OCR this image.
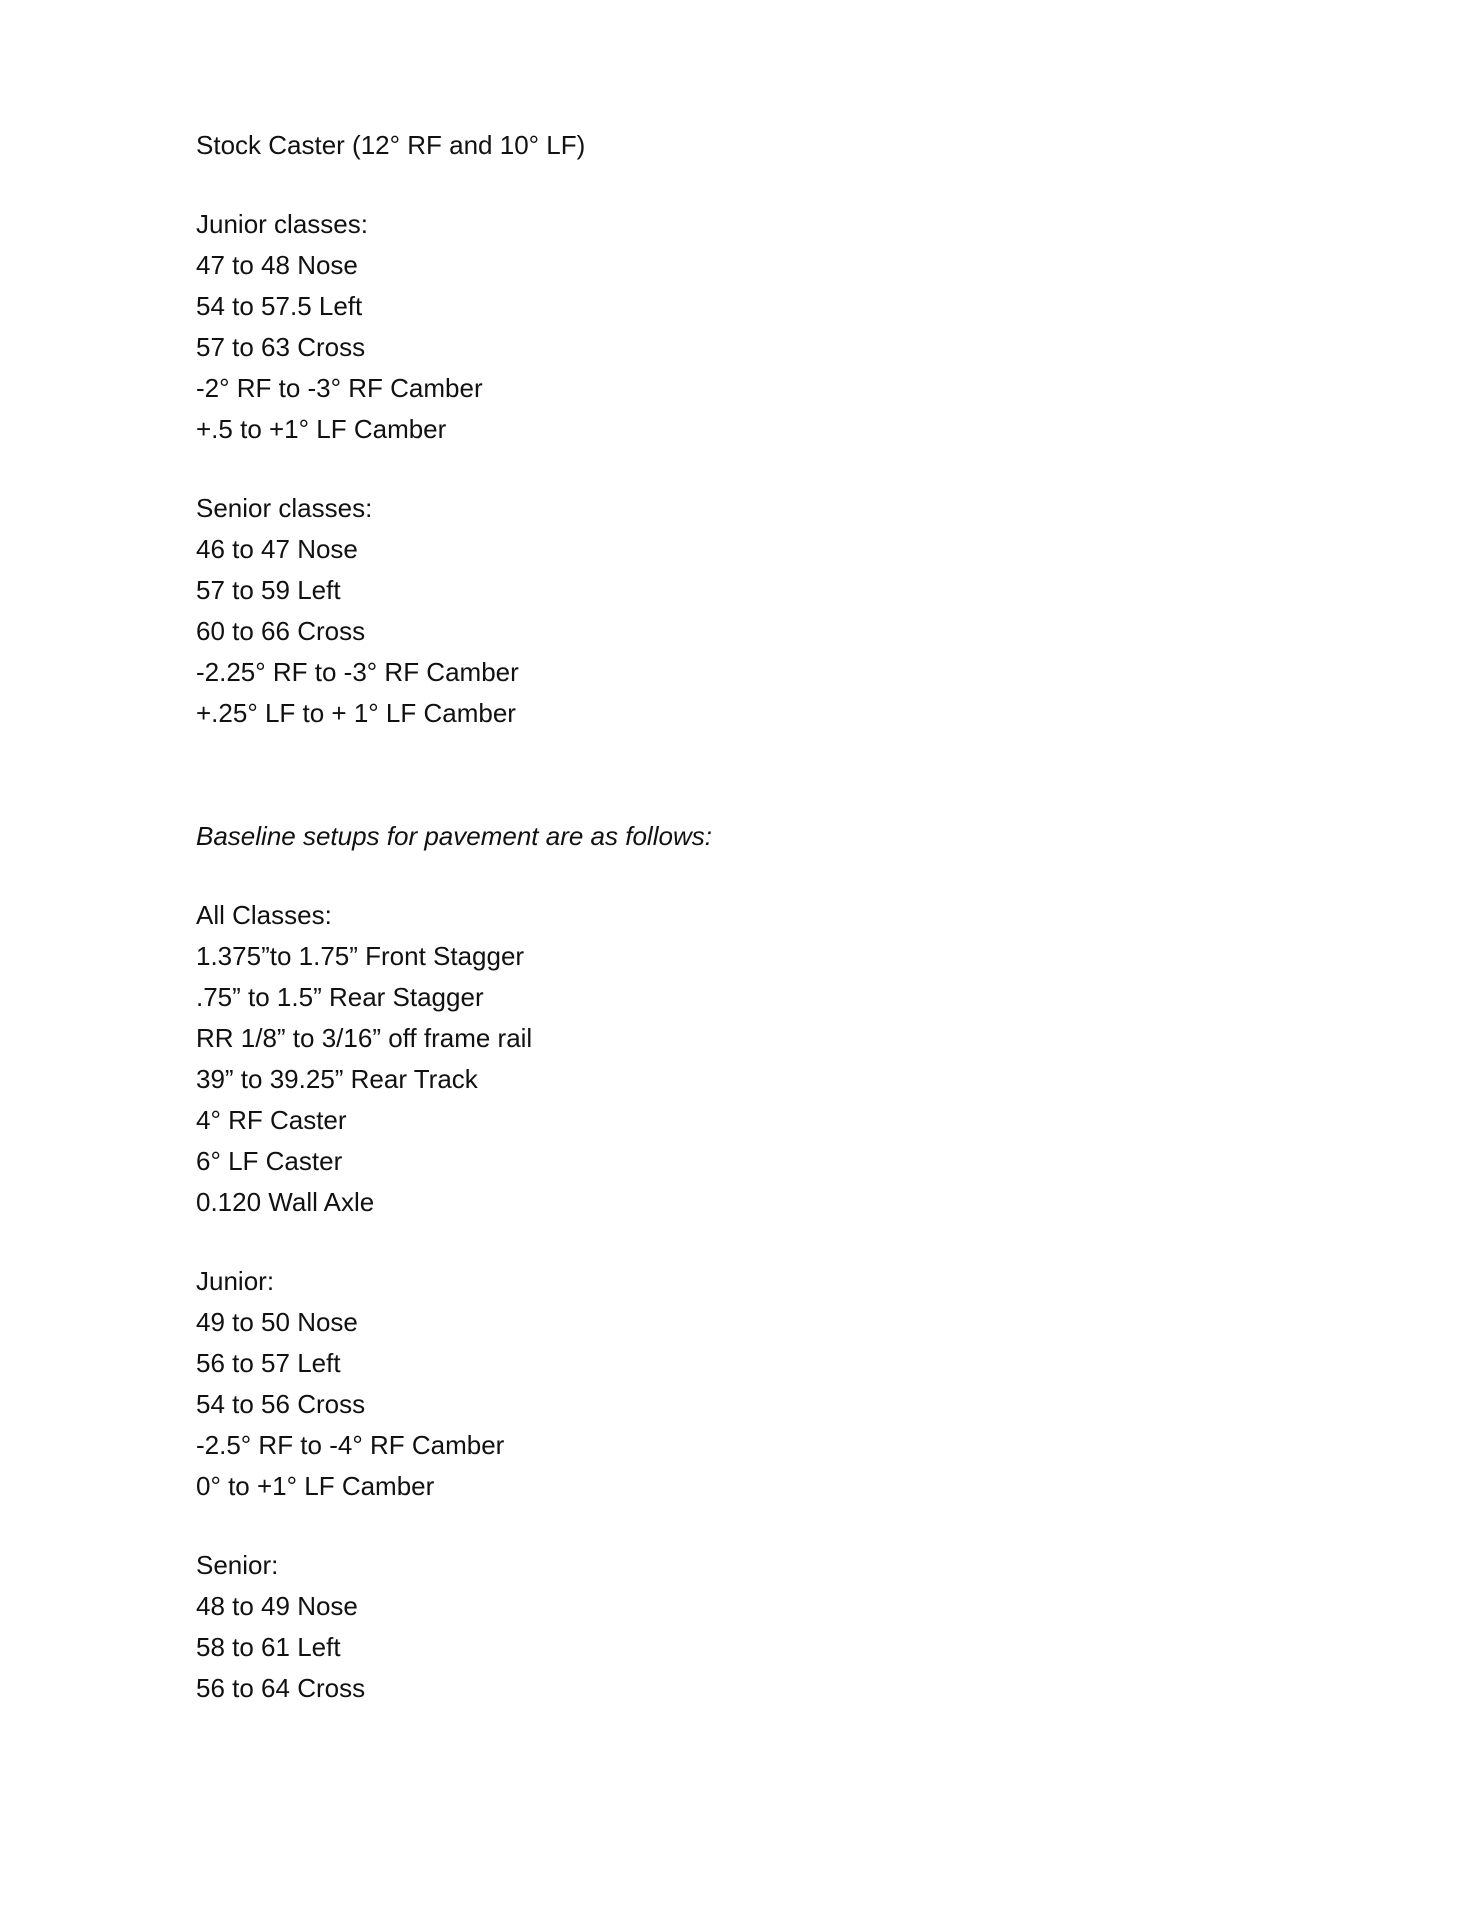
Stock Caster (12° RF and 10° LF)
Junior classes:
47 to 48 Nose
54 to 57.5 Left
57 to 63 Cross
-2° RF to -3° RF Camber
+.5 to +1° LF Camber
Senior classes:
46 to 47 Nose
57 to 59 Left
60 to 66 Cross
-2.25° RF to -3° RF Camber
+.25° LF to + 1° LF Camber
Baseline setups for pavement are as follows:
All Classes:
1.375”to 1.75” Front Stagger
.75” to 1.5” Rear Stagger
RR 1/8” to 3/16” off frame rail
39” to 39.25” Rear Track
4° RF Caster
6° LF Caster
0.120 Wall Axle
Junior:
49 to 50 Nose
56 to 57 Left
54 to 56 Cross
-2.5° RF to -4° RF Camber
0° to +1° LF Camber
Senior:
48 to 49 Nose
58 to 61 Left
56 to 64 Cross
